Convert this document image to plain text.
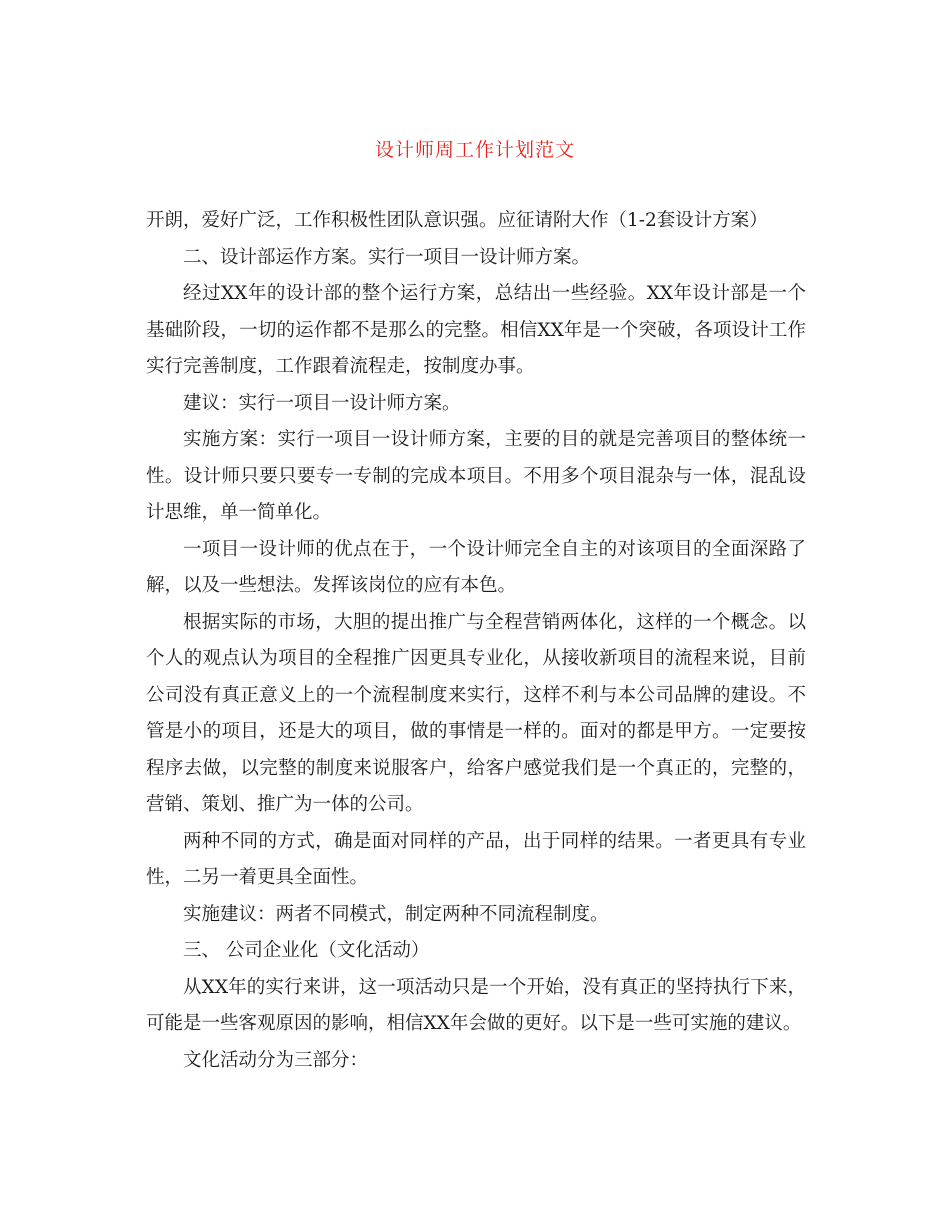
设计师周工作计划范文

开朗，爱好广泛，工作积极性团队意识强。应征请附大作（1-2套设计方案）

二、设计部运作方案。实行一项目一设计师方案。

经过XX年的设计部的整个运行方案，总结出一些经验。XX年设计部是一个基础阶段，一切的运作都不是那么的完整。相信XX年是一个突破，各项设计工作实行完善制度，工作跟着流程走，按制度办事。

建议：实行一项目一设计师方案。

实施方案：实行一项目一设计师方案，主要的目的就是完善项目的整体统一性。设计师只要只要专一专制的完成本项目。不用多个项目混杂与一体，混乱设计思维，单一简单化。

一项目一设计师的优点在于，一个设计师完全自主的对该项目的全面深路了解，以及一些想法。发挥该岗位的应有本色。

根据实际的市场，大胆的提出推广与全程营销两体化，这样的一个概念。以个人的观点认为项目的全程推广因更具专业化，从接收新项目的流程来说，目前公司没有真正意义上的一个流程制度来实行，这样不利与本公司品牌的建设。不管是小的项目，还是大的项目，做的事情是一样的。面对的都是甲方。一定要按程序去做，以完整的制度来说服客户，给客户感觉我们是一个真正的，完整的，营销、策划、推广为一体的公司。

两种不同的方式，确是面对同样的产品，出于同样的结果。一者更具有专业性，二另一着更具全面性。

实施建议：两者不同模式，制定两种不同流程制度。

三、 公司企业化（文化活动）

从XX年的实行来讲，这一项活动只是一个开始，没有真正的坚持执行下来，可能是一些客观原因的影响，相信XX年会做的更好。以下是一些可实施的建议。

文化活动分为三部分：
